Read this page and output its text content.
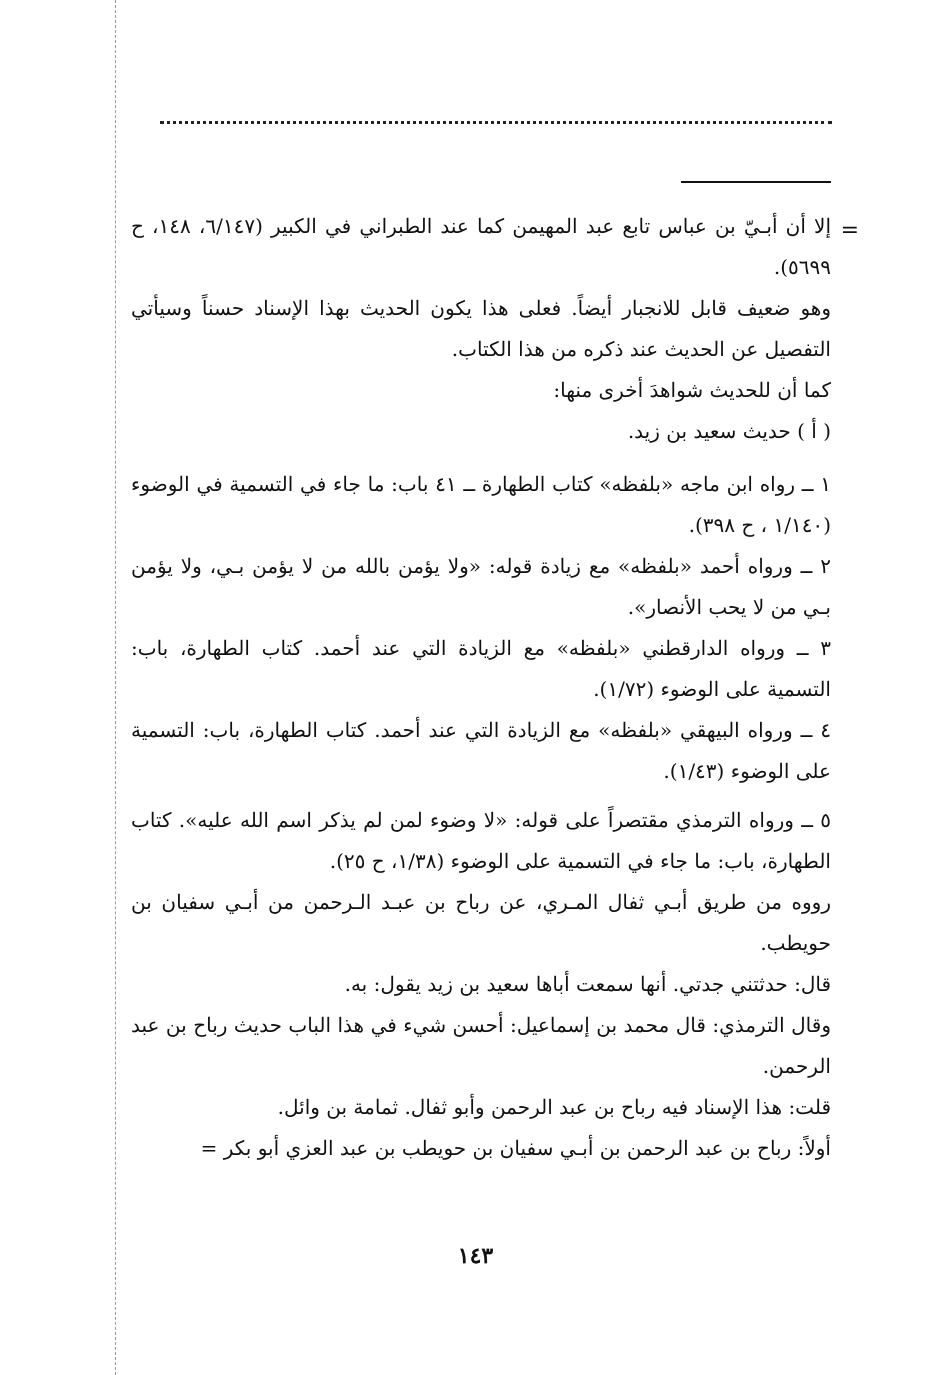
=

إلا أن أبـيّ بن عباس تابع عبد المهيمن كما عند الطبراني في الكبير (٦/١٤٧، ١٤٨، ح ٥٦٩٩).

وهو ضعيف قابل للانجبار أيضاً. فعلى هذا يكون الحديث بهذا الإسناد حسناً وسيأتي التفصيل عن الحديث عند ذكره من هذا الكتاب.

كما أن للحديث شواهدَ أخرى منها:

( أ ) حديث سعيد بن زيد.

١ ــ رواه ابن ماجه «بلفظه» كتاب الطهارة ــ ٤١ باب: ما جاء في التسمية في الوضوء (١/١٤٠ ، ح ٣٩٨).

٢ ــ ورواه أحمد «بلفظه» مع زيادة قوله: «ولا يؤمن بالله من لا يؤمن بـي، ولا يؤمن بـي من لا يحب الأنصار».

٣ ــ ورواه الدارقطني «بلفظه» مع الزيادة التي عند أحمد. كتاب الطهارة، باب: التسمية على الوضوء (١/٧٢).

٤ ــ ورواه البيهقي «بلفظه» مع الزيادة التي عند أحمد. كتاب الطهارة، باب: التسمية على الوضوء (١/٤٣).

٥ ــ ورواه الترمذي مقتصراً على قوله: «لا وضوء لمن لم يذكر اسم الله عليه». كتاب الطهارة، باب: ما جاء في التسمية على الوضوء (١/٣٨، ح ٢٥).

رووه من طريق أبـي ثفال المـري، عن رباح بن عبـد الـرحمن من أبـي سفيان بن حويطب.

قال: حدثتني جدتي. أنها سمعت أباها سعيد بن زيد يقول: به.

وقال الترمذي: قال محمد بن إسماعيل: أحسن شيء في هذا الباب حديث رباح بن عبد الرحمن.

قلت: هذا الإسناد فيه رباح بن عبد الرحمن وأبو ثفال. ثمامة بن وائل.

أولاً: رباح بن عبد الرحمن بن أبـي سفيان بن حويطب بن عبد العزي أبو بكر =

١٤٣
